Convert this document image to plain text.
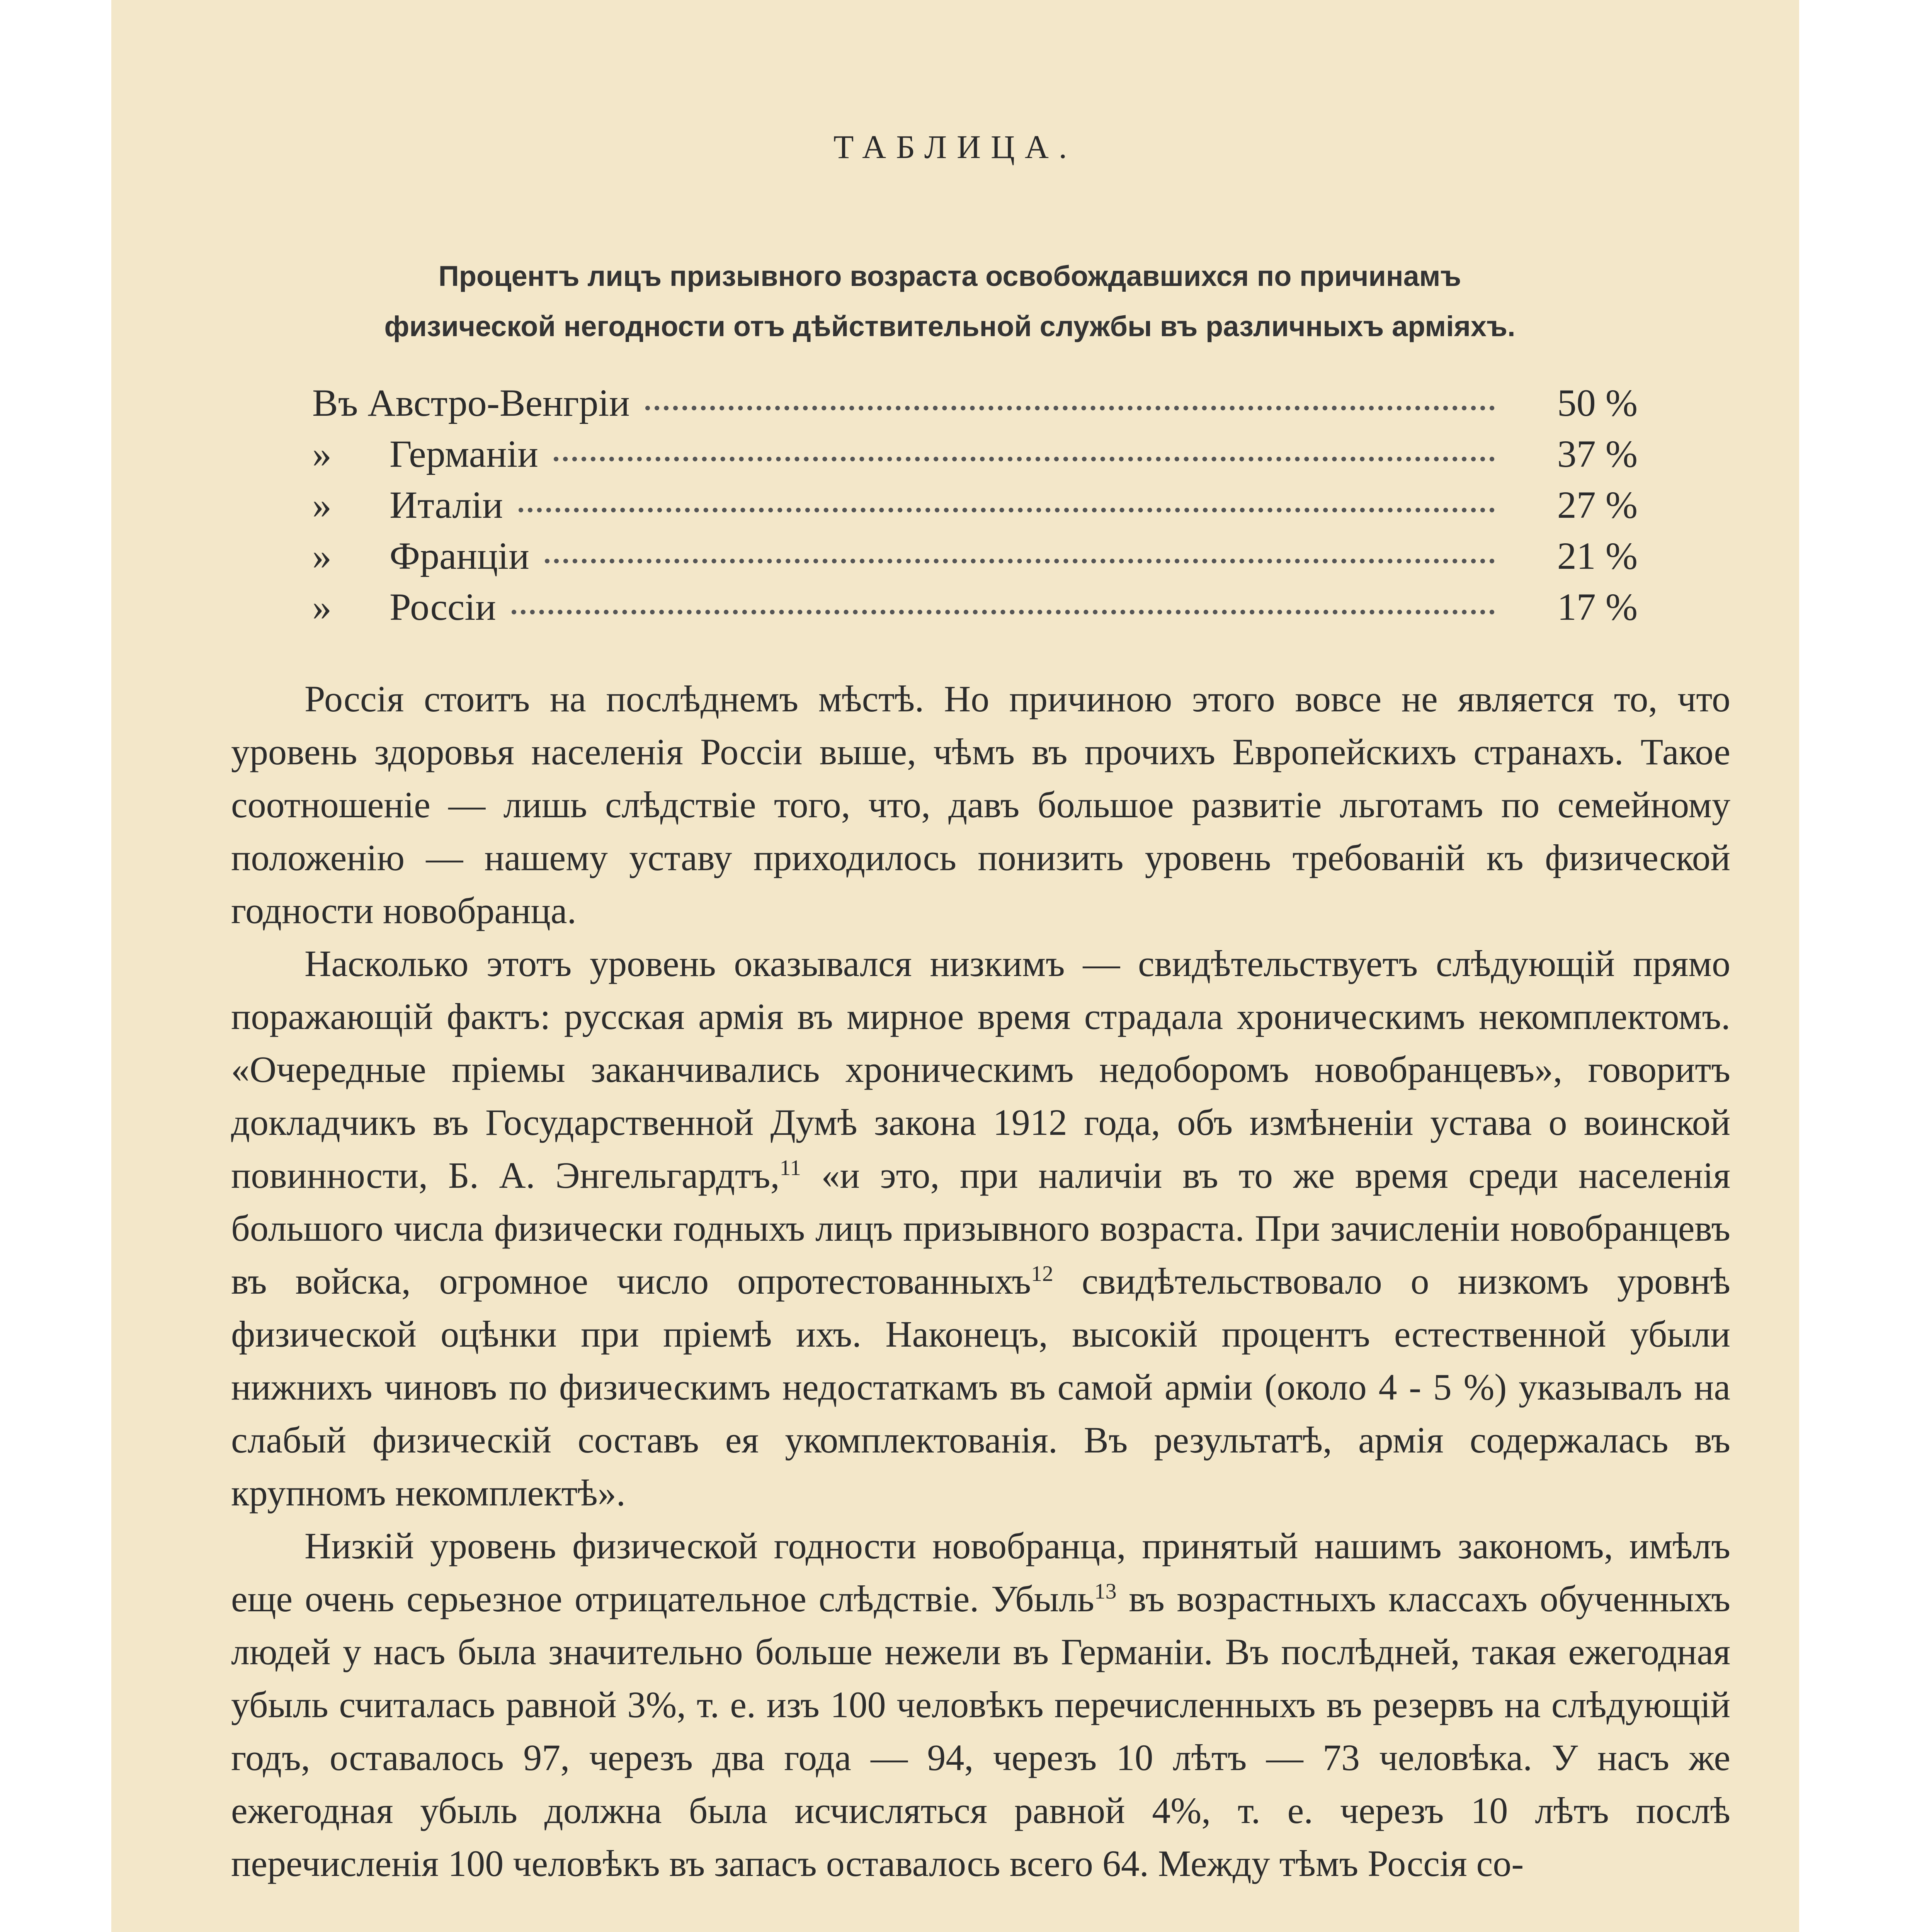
ТАБЛИЦА.
Процентъ лицъ призывного возраста освобождавшихся по причинамъ
физической негодности отъ дѣйствительной службы въ различныхъ арміяхъ.
Въ Австро-Венгріи	50 %
»	Германіи	37 %
»	Италіи	27 %
»	Франціи	21 %
»	Россіи	17 %

Россія стоитъ на послѣднемъ мѣстѣ. Но причиною этого вовсе не является то, что уровень здоровья населенія Россіи выше, чѣмъ въ прочихъ Европейскихъ странахъ. Такое соотношеніе — лишь слѣдствіе того, что, давъ большое развитіе льготамъ по семейному положенію — нашему уставу приходилось понизить уровень требованій къ физической годности новобранца.

Насколько этотъ уровень оказывался низкимъ — свидѣтельствуетъ слѣдующій прямо поражающій фактъ: русская армія въ мирное время страдала хроническимъ некомплектомъ. «Очередные пріемы заканчивались хроническимъ недоборомъ новобранцевъ», говоритъ докладчикъ въ Государственной Думѣ закона 1912 года, объ измѣненіи устава о воинской повинности, Б. А. Энгельгардтъ,$^{11}$ «и это, при наличіи въ то же время среди населенія большого числа физически годныхъ лицъ призывного возраста. При зачисленіи новобранцевъ въ войска, огромное число опротестованныхъ$^{12}$ свидѣтельствовало о низкомъ уровнѣ физической оцѣнки при пріемѣ ихъ. Наконецъ, высокій процентъ естественной убыли нижнихъ чиновъ по физическимъ недостаткамъ въ самой арміи (около 4 - 5 %) указывалъ на слабый физическій составъ ея укомплектованія. Въ результатѣ, армія содержалась въ крупномъ некомплектѣ».

Низкій уровень физической годности новобранца, принятый нашимъ закономъ, имѣлъ еще очень серьезное отрицательное слѣдствіе. Убыль$^{13}$ въ возрастныхъ классахъ обученныхъ людей у насъ была значительно больше нежели въ Германіи. Въ послѣдней, такая ежегодная убыль считалась равной 3%, т. е. изъ 100 человѣкъ перечисленныхъ въ резервъ на слѣдующій годъ, оставалось 97, черезъ два года — 94, черезъ 10 лѣтъ — 73 человѣка. У насъ же ежегодная убыль должна была исчисляться равной 4%, т. е. черезъ 10 лѣтъ послѣ перечисленія 100 человѣкъ въ запасъ оставалось всего 64. Между тѣмъ Россія со-
